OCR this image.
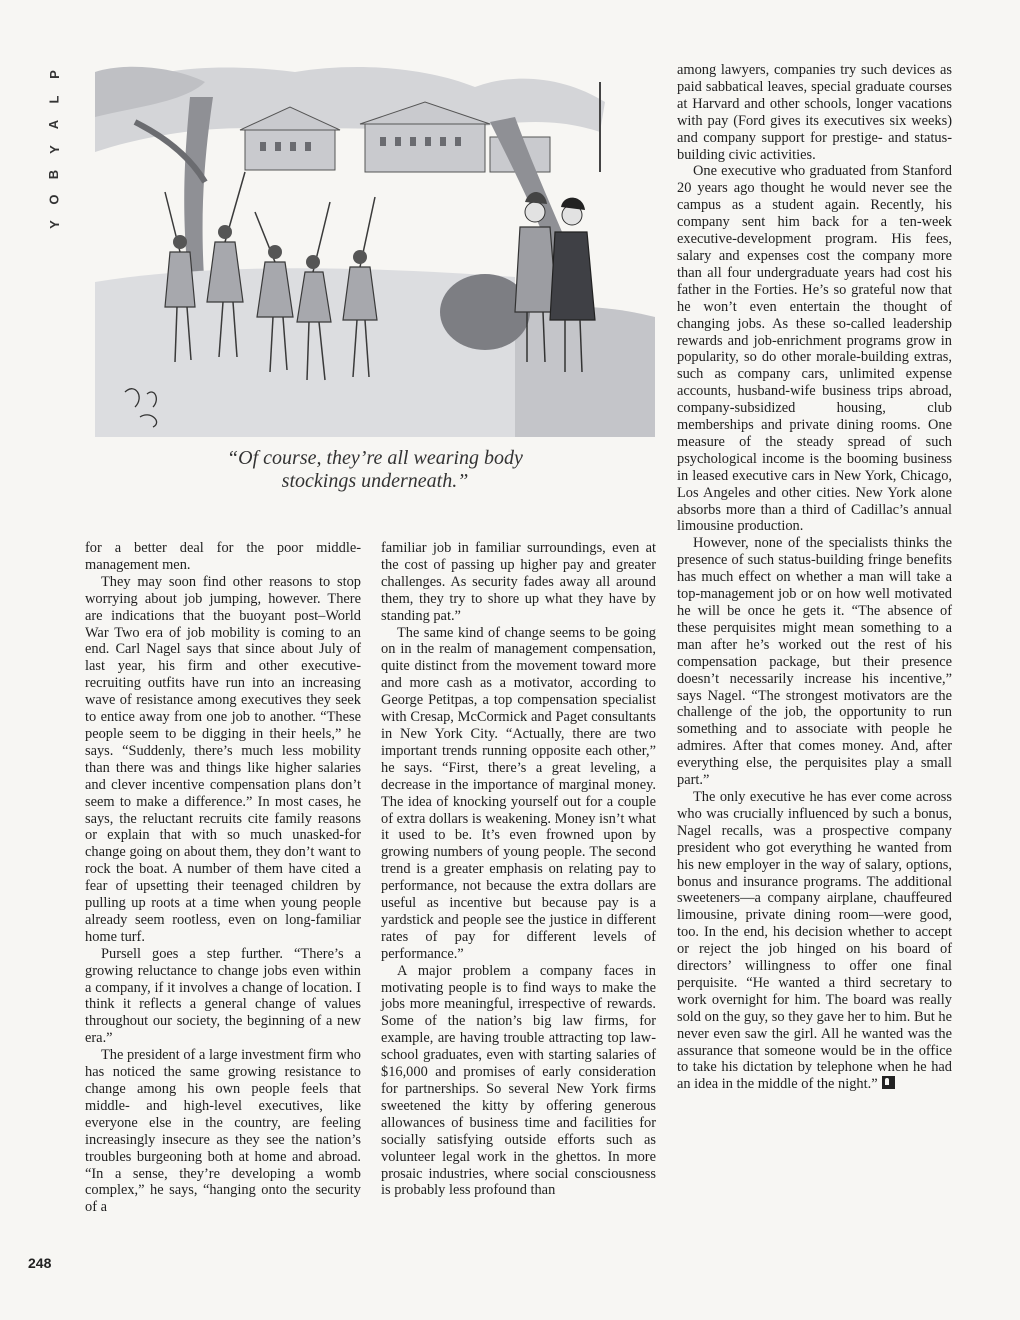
P
L
A
Y
B
O
Y
“Of course, they’re all wearing body
stockings underneath.”

for a better deal for the poor middle-management men.

They may soon find other reasons to stop worrying about job jumping, however. There are indications that the buoyant post–World War Two era of job mobility is coming to an end. Carl Nagel says that since about July of last year, his firm and other executive-recruiting outfits have run into an increasing wave of resistance among executives they seek to entice away from one job to another. “These people seem to be digging in their heels,” he says. “Suddenly, there’s much less mobility than there was and things like higher salaries and clever incentive compensation plans don’t seem to make a difference.” In most cases, he says, the reluctant recruits cite family reasons or explain that with so much unasked-for change going on about them, they don’t want to rock the boat. A number of them have cited a fear of upsetting their teenaged children by pulling up roots at a time when young people already seem rootless, even on long-familiar home turf.

Pursell goes a step further. “There’s a growing reluctance to change jobs even within a company, if it involves a change of location. I think it reflects a general change of values throughout our society, the beginning of a new era.”

The president of a large investment firm who has noticed the same growing resistance to change among his own people feels that middle- and high-level executives, like everyone else in the country, are feeling increasingly insecure as they see the nation’s troubles burgeoning both at home and abroad. “In a sense, they’re developing a womb complex,” he says, “hanging onto the security of a

familiar job in familiar surroundings, even at the cost of passing up higher pay and greater challenges. As security fades away all around them, they try to shore up what they have by standing pat.”

The same kind of change seems to be going on in the realm of management compensation, quite distinct from the movement toward more and more cash as a motivator, according to George Petitpas, a top compensation specialist with Cresap, McCormick and Paget consultants in New York City. “Actually, there are two important trends running opposite each other,” he says. “First, there’s a great leveling, a decrease in the importance of marginal money. The idea of knocking yourself out for a couple of extra dollars is weakening. Money isn’t what it used to be. It’s even frowned upon by growing numbers of young people. The second trend is a greater emphasis on relating pay to performance, not because the extra dollars are useful as incentive but because pay is a yardstick and people see the justice in different rates of pay for different levels of performance.”

A major problem a company faces in motivating people is to find ways to make the jobs more meaningful, irrespective of rewards. Some of the nation’s big law firms, for example, are having trouble attracting top law-school graduates, even with starting salaries of $16,000 and promises of early consideration for partnerships. So several New York firms sweetened the kitty by offering generous allowances of business time and facilities for socially satisfying outside efforts such as volunteer legal work in the ghettos. In more prosaic industries, where social consciousness is probably less profound than

among lawyers, companies try such devices as paid sabbatical leaves, special graduate courses at Harvard and other schools, longer vacations with pay (Ford gives its executives six weeks) and company support for prestige- and status-building civic activities.

One executive who graduated from Stanford 20 years ago thought he would never see the campus as a student again. Recently, his company sent him back for a ten-week executive-development program. His fees, salary and expenses cost the company more than all four undergraduate years had cost his father in the Forties. He’s so grateful now that he won’t even entertain the thought of changing jobs. As these so-called leadership rewards and job-enrichment programs grow in popularity, so do other morale-building extras, such as company cars, unlimited expense accounts, husband-wife business trips abroad, company-subsidized housing, club memberships and private dining rooms. One measure of the steady spread of such psychological income is the booming business in leased executive cars in New York, Chicago, Los Angeles and other cities. New York alone absorbs more than a third of Cadillac’s annual limousine production.

However, none of the specialists thinks the presence of such status-building fringe benefits has much effect on whether a man will take a top-management job or on how well motivated he will be once he gets it. “The absence of these perquisites might mean something to a man after he’s worked out the rest of his compensation package, but their presence doesn’t necessarily increase his incentive,” says Nagel. “The strongest motivators are the challenge of the job, the opportunity to run something and to associate with people he admires. After that comes money. And, after everything else, the perquisites play a small part.”

The only executive he has ever come across who was crucially influenced by such a bonus, Nagel recalls, was a prospective company president who got everything he wanted from his new employer in the way of salary, options, bonus and insurance programs. The additional sweeteners—a company airplane, chauffeured limousine, private dining room—were good, too. In the end, his decision whether to accept or reject the job hinged on his board of directors’ willingness to offer one final perquisite. “He wanted a third secretary to work overnight for him. The board was really sold on the guy, so they gave her to him. But he never even saw the girl. All he wanted was the assurance that someone would be in the office to take his dictation by telephone when he had an idea in the middle of the night.”

248
